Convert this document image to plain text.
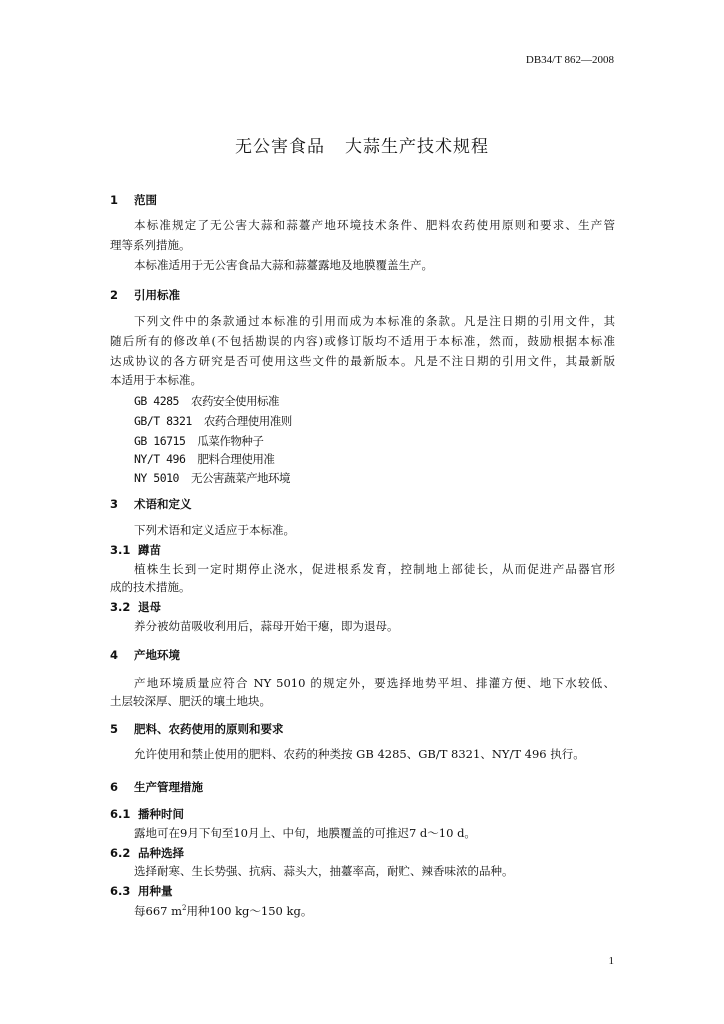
DB34/T 862—2008
无公害食品 大蒜生产技术规程
1 范围
本标准规定了无公害大蒜和蒜薹产地环境技术条件、肥料农药使用原则和要求、生产管
理等系列措施。
本标准适用于无公害食品大蒜和蒜薹露地及地膜覆盖生产。
2 引用标准
下列文件中的条款通过本标准的引用而成为本标准的条款。凡是注日期的引用文件，其
随后所有的修改单(不包括勘误的内容)或修订版均不适用于本标准，然而，鼓励根据本标准
达成协议的各方研究是否可使用这些文件的最新版本。凡是不注日期的引用文件，其最新版
本适用于本标准。
GB 4285 农药安全使用标准
GB/T 8321 农药合理使用准则
GB 16715 瓜菜作物种子
NY/T 496 肥料合理使用准
NY 5010 无公害蔬菜产地环境
3 术语和定义
下列术语和定义适应于本标准。
3.1 蹲苗
植株生长到一定时期停止浇水，促进根系发育，控制地上部徒长，从而促进产品器官形
成的技术措施。
3.2 退母
养分被幼苗吸收利用后，蒜母开始干瘪，即为退母。
4 产地环境
产地环境质量应符合 NY 5010 的规定外，要选择地势平坦、排灌方便、地下水较低、
土层较深厚、肥沃的壤土地块。
5 肥料、农药使用的原则和要求
允许使用和禁止使用的肥料、农药的种类按 GB 4285、GB/T 8321、NY/T 496 执行。
6 生产管理措施
6.1 播种时间
露地可在9月下旬至10月上、中旬，地膜覆盖的可推迟7 d～10 d。
6.2 品种选择
选择耐寒、生长势强、抗病、蒜头大，抽薹率高，耐贮、辣香味浓的品种。
6.3 用种量
每667 $m^2$用种100 kg～150 kg。
1
